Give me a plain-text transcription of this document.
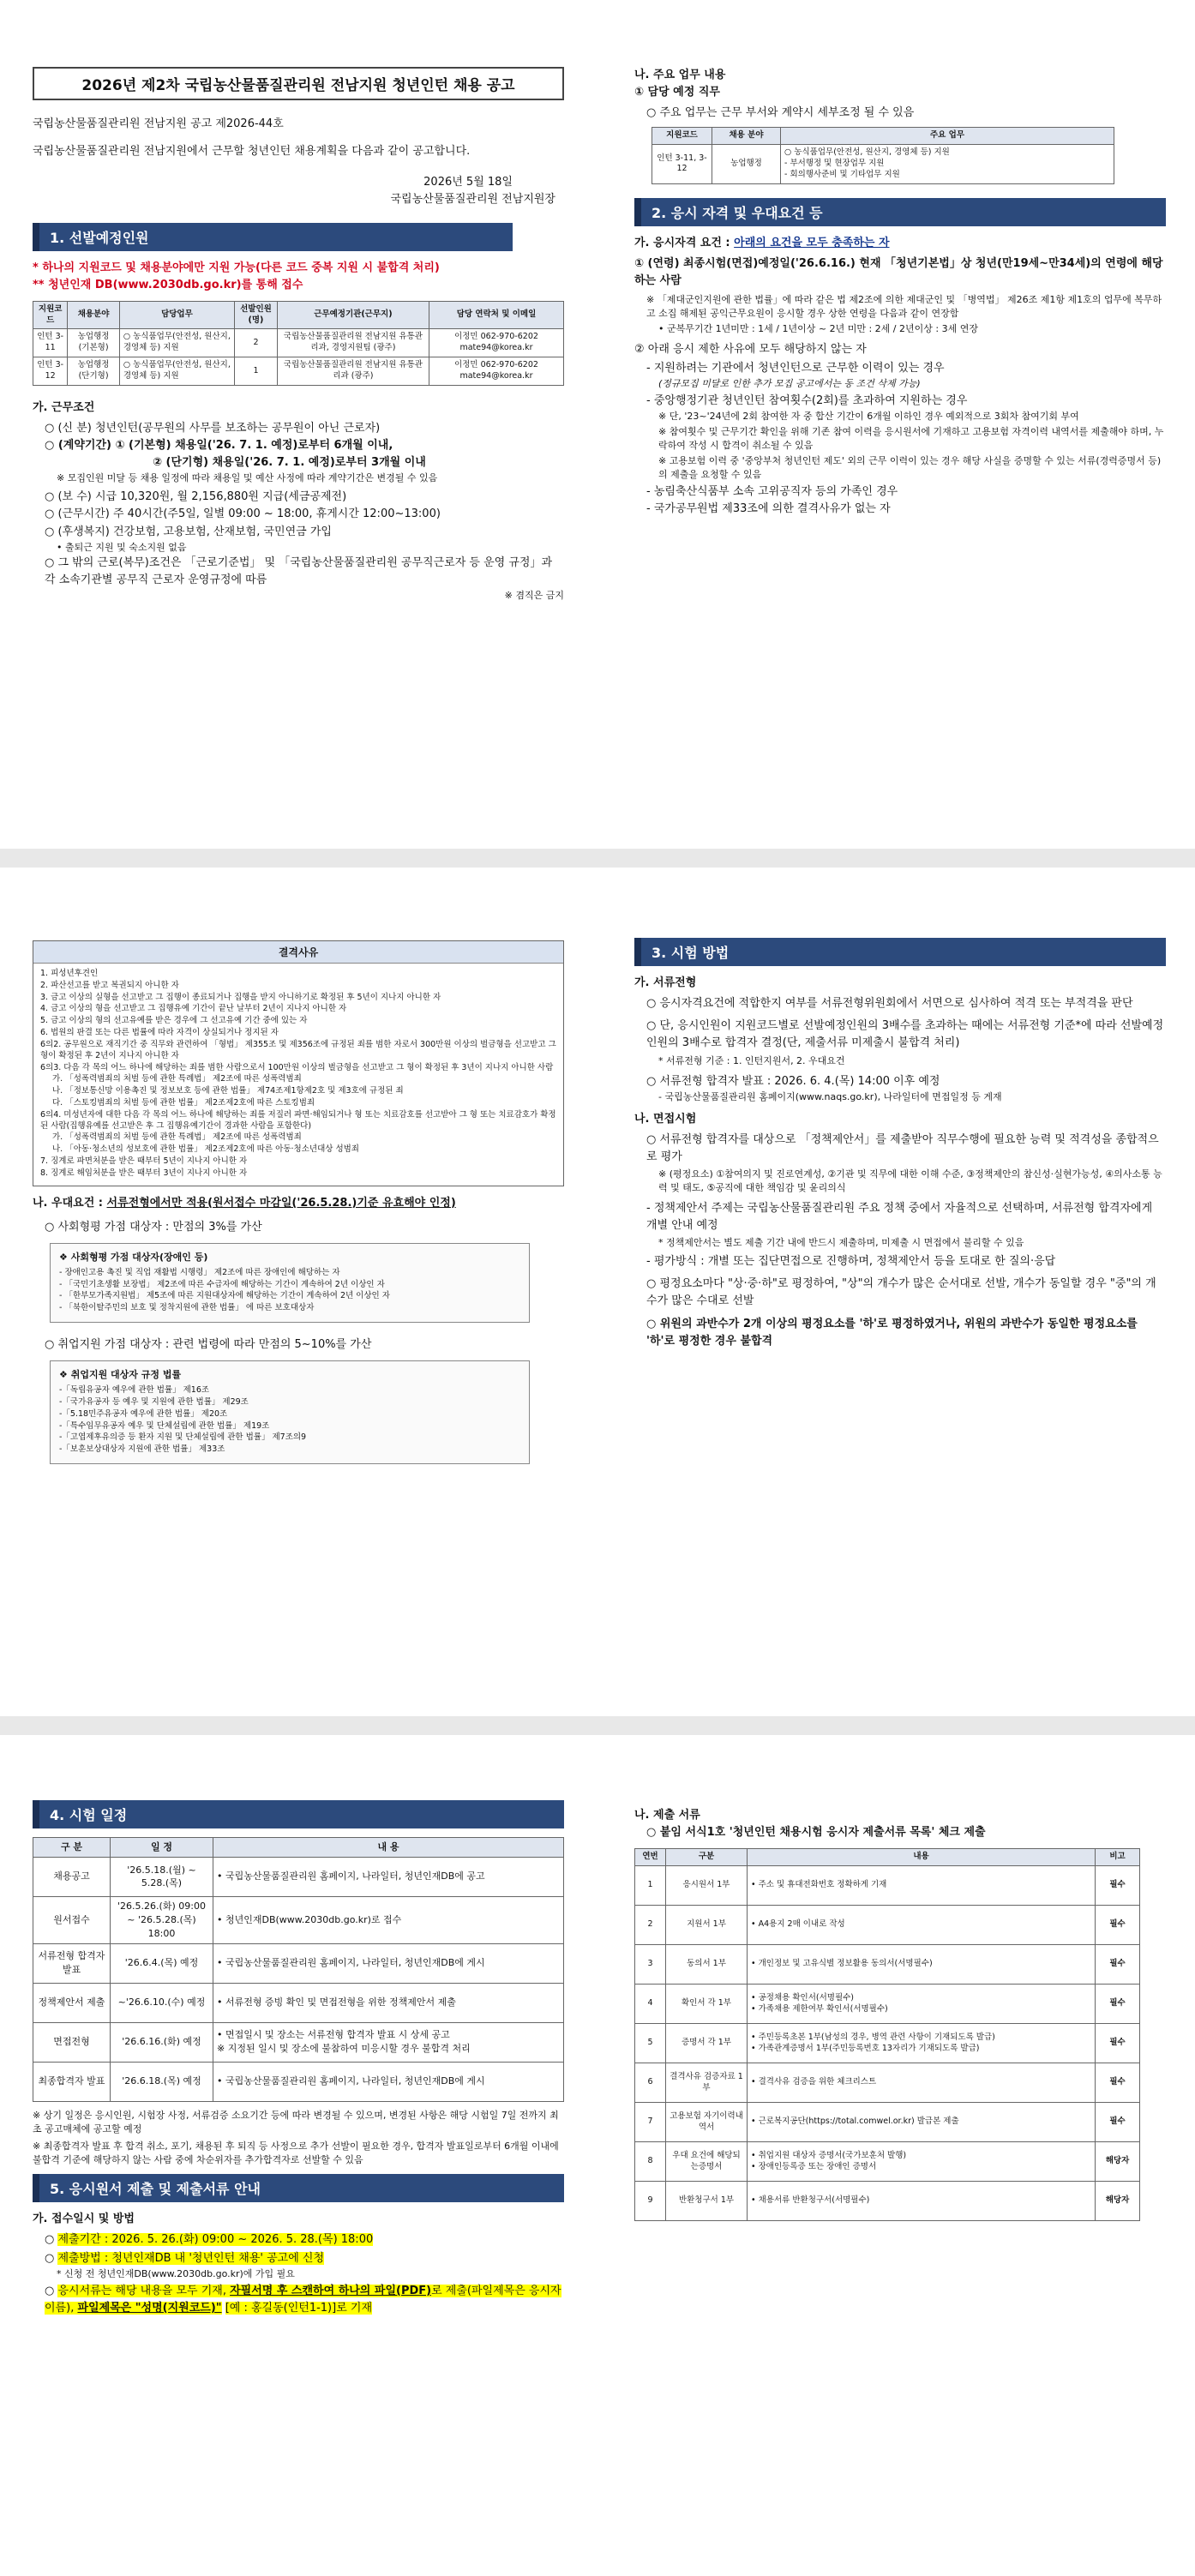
2026년 제2차 국립농산물품질관리원 전남지원 청년인턴 채용 공고
국립농산물품질관리원 전남지원 공고 제2026-44호
국립농산물품질관리원 전남지원에서 근무할 청년인턴 채용계획을 다음과 같이 공고합니다.
2026년 5월 18일
국립농산물품질관리원 전남지원장
1. 선발예정인원
* 하나의 지원코드 및 채용분야에만 지원 가능(다른 코드 중복 지원 시 불합격 처리)
** 청년인재 DB(www.2030db.go.kr)를 통해 접수
지원코드	채용분야	담당업무	선발인원(명)	근무예정기관(근무지)	담당 연락처 및 이메일
인턴 3-11	농업행정 (기본형)	○ 농식품업무(안전성, 원산지, 경영체 등) 지원	2	국립농산물품질관리원 전남지원 유통관리과, 경영지원팀 (광주)	이정민 062-970-6202 mate94@korea.kr
인턴 3-12	농업행정 (단기형)	○ 농식품업무(안전성, 원산지, 경영체 등) 지원	1	국립농산물품질관리원 전남지원 유통관리과 (광주)	이정민 062-970-6202 mate94@korea.kr
가. 근무조건
○ (신 분) 청년인턴(공무원의 사무를 보조하는 공무원이 아닌 근로자)
○ (계약기간) ① (기본형) 채용일('26. 7. 1. 예정)로부터 6개월 이내,
② (단기형) 채용일('26. 7. 1. 예정)로부터 3개월 이내
※ 모집인원 미달 등 채용 일정에 따라 채용일 및 예산 사정에 따라 계약기간은 변경될 수 있음
○ (보 수) 시급 10,320원, 월 2,156,880원 지급(세금공제전)
○ (근무시간) 주 40시간(주5일, 일별 09:00 ~ 18:00, 휴게시간 12:00~13:00)
○ (후생복지) 건강보험, 고용보험, 산재보험, 국민연금 가입
• 출퇴근 지원 및 숙소지원 없음
○ 그 밖의 근로(복무)조건은 「근로기준법」 및 「국립농산물품질관리원 공무직근로자 등 운영 규정」과 각 소속기관별 공무직 근로자 운영규정에 따름
※ 겸직은 금지
나. 주요 업무 내용
① 담당 예정 직무
○ 주요 업무는 근무 부서와 계약시 세부조정 될 수 있음
지원코드	채용 분야	주요 업무
인턴 3-11, 3-12	농업행정	○ 농식품업무(안전성, 원산지, 경영체 등) 지원
- 부서행정 및 현장업무 지원
- 회의행사준비 및 기타업무 지원
2. 응시 자격 및 우대요건 등
가. 응시자격 요건 : 아래의 요건을 모두 충족하는 자
① (연령) 최종시험(면접)예정일('26.6.16.) 현재 「청년기본법」상 청년(만19세~만34세)의 연령에 해당하는 사람
※ 「제대군인지원에 관한 법률」에 따라 같은 법 제2조에 의한 제대군인 및 「병역법」 제26조 제1항 제1호의 업무에 복무하고 소집 해제된 공익근무요원이 응시할 경우 상한 연령을 다음과 같이 연장함
• 군복무기간 1년미만 : 1세 / 1년이상 ~ 2년 미만 : 2세 / 2년이상 : 3세 연장
② 아래 응시 제한 사유에 모두 해당하지 않는 자
- 지원하려는 기관에서 청년인턴으로 근무한 이력이 있는 경우
(정규모집 미달로 인한 추가 모집 공고에서는 동 조건 삭제 가능)
- 중앙행정기관 청년인턴 참여횟수(2회)를 초과하여 지원하는 경우
※ 단, '23~'24년에 2회 참여한 자 중 합산 기간이 6개월 이하인 경우 예외적으로 3회차 참여기회 부여
※ 참여횟수 및 근무기간 확인을 위해 기존 참여 이력을 응시원서에 기재하고 고용보험 자격이력 내역서를 제출해야 하며, 누락하여 작성 시 합격이 취소될 수 있음
※ 고용보험 이력 중 '중앙부처 청년인턴 제도' 외의 근무 이력이 있는 경우 해당 사실을 증명할 수 있는 서류(경력증명서 등)의 제출을 요청할 수 있음
- 농림축산식품부 소속 고위공직자 등의 가족인 경우
- 국가공무원법 제33조에 의한 결격사유가 없는 자
결격사유
1. 피성년후견인
2. 파산선고를 받고 복권되지 아니한 자
3. 금고 이상의 실형을 선고받고 그 집행이 종료되거나 집행을 받지 아니하기로 확정된 후 5년이 지나지 아니한 자
4. 금고 이상의 형을 선고받고 그 집행유예 기간이 끝난 날부터 2년이 지나지 아니한 자
5. 금고 이상의 형의 선고유예를 받은 경우에 그 선고유예 기간 중에 있는 자
6. 법원의 판결 또는 다른 법률에 따라 자격이 상실되거나 정지된 자
6의2. 공무원으로 재직기간 중 직무와 관련하여 「형법」 제355조 및 제356조에 규정된 죄를 범한 자로서 300만원 이상의 벌금형을 선고받고 그 형이 확정된 후 2년이 지나지 아니한 자
6의3. 다음 각 목의 어느 하나에 해당하는 죄를 범한 사람으로서 100만원 이상의 벌금형을 선고받고 그 형이 확정된 후 3년이 지나지 아니한 사람
가. 「성폭력범죄의 처벌 등에 관한 특례법」 제2조에 따른 성폭력범죄
나. 「정보통신망 이용촉진 및 정보보호 등에 관한 법률」 제74조제1항제2호 및 제3호에 규정된 죄
다. 「스토킹범죄의 처벌 등에 관한 법률」 제2조제2호에 따른 스토킹범죄
6의4. 미성년자에 대한 다음 각 목의 어느 하나에 해당하는 죄를 저질러 파면·해임되거나 형 또는 치료감호를 선고받아 그 형 또는 치료감호가 확정된 사람(집행유예를 선고받은 후 그 집행유예기간이 경과한 사람을 포함한다)
가. 「성폭력범죄의 처벌 등에 관한 특례법」 제2조에 따른 성폭력범죄
나. 「아동·청소년의 성보호에 관한 법률」 제2조제2호에 따른 아동·청소년대상 성범죄
7. 징계로 파면처분을 받은 때부터 5년이 지나지 아니한 자
8. 징계로 해임처분을 받은 때부터 3년이 지나지 아니한 자
나. 우대요건 : 서류전형에서만 적용(원서접수 마감일('26.5.28.)기준 유효해야 인정)
○ 사회형평 가점 대상자 : 만점의 3%를 가산
❖ 사회형평 가점 대상자(장애인 등)
- 장애인고용 촉진 및 직업 재활법 시행령」 제2조에 따른 장애인에 해당하는 자
- 「국민기초생활 보장법」 제2조에 따른 수급자에 해당하는 기간이 계속하여 2년 이상인 자
- 「한부모가족지원법」 제5조에 따른 지원대상자에 해당하는 기간이 계속하여 2년 이상인 자
- 「북한이탈주민의 보호 및 정착지원에 관한 법률」 에 따른 보호대상자
○ 취업지원 가점 대상자 : 관련 법령에 따라 만점의 5~10%를 가산
❖ 취업지원 대상자 규정 법률
-「독립유공자 예우에 관한 법률」 제16조
-「국가유공자 등 예우 및 지원에 관한 법률」 제29조
-「5.18민주유공자 예우에 관한 법률」 제20조
-「특수임무유공자 예우 및 단체설립에 관한 법률」 제19조
-「고엽제후유의증 등 환자 지원 및 단체설립에 관한 법률」 제7조의9
-「보훈보상대상자 지원에 관한 법률」 제33조
3. 시험 방법
가. 서류전형
○ 응시자격요건에 적합한지 여부를 서류전형위원회에서 서면으로 심사하여 적격 또는 부적격을 판단
○ 단, 응시인원이 지원코드별로 선발예정인원의 3배수를 초과하는 때에는 서류전형 기준*에 따라 선발예정인원의 3배수로 합격자 결정(단, 제출서류 미제출시 불합격 처리)
* 서류전형 기준 : 1. 인턴지원서, 2. 우대요건
○ 서류전형 합격자 발표 : 2026. 6. 4.(목) 14:00 이후 예정
- 국립농산물품질관리원 홈페이지(www.naqs.go.kr), 나라일터에 면접일정 등 게재
나. 면접시험
○ 서류전형 합격자를 대상으로 「정책제안서」를 제출받아 직무수행에 필요한 능력 및 적격성을 종합적으로 평가
※ (평정요소) ①참여의지 및 진로연계성, ②기관 및 직무에 대한 이해 수준, ③정책제안의 참신성·실현가능성, ④의사소통 능력 및 태도, ⑤공직에 대한 책임감 및 윤리의식
- 정책제안서 주제는 국립농산물품질관리원 주요 정책 중에서 자율적으로 선택하며, 서류전형 합격자에게 개별 안내 예정
* 정책제안서는 별도 제출 기간 내에 반드시 제출하며, 미제출 시 면접에서 불리할 수 있음
- 평가방식 : 개별 또는 집단면접으로 진행하며, 정책제안서 등을 토대로 한 질의·응답
○ 평정요소마다 "상·중·하"로 평정하여, "상"의 개수가 많은 순서대로 선발, 개수가 동일할 경우 "중"의 개수가 많은 수대로 선발
○ 위원의 과반수가 2개 이상의 평정요소를 '하'로 평정하였거나, 위원의 과반수가 동일한 평정요소를 '하'로 평정한 경우 불합격
4. 시험 일정
구 분	일 정	내 용
채용공고	'26.5.18.(월) ~ 5.28.(목)	• 국립농산물품질관리원 홈페이지, 나라일터, 청년인재DB에 공고
원서접수	'26.5.26.(화) 09:00 ~ '26.5.28.(목) 18:00	• 청년인재DB(www.2030db.go.kr)로 접수
서류전형 합격자 발표	'26.6.4.(목) 예정	• 국립농산물품질관리원 홈페이지, 나라일터, 청년인재DB에 게시
정책제안서 제출	~'26.6.10.(수) 예정	• 서류전형 증빙 확인 및 면접전형을 위한 정책제안서 제출
면접전형	'26.6.16.(화) 예정	• 면접일시 및 장소는 서류전형 합격자 발표 시 상세 공고
※ 지정된 일시 및 장소에 불참하여 미응시할 경우 불합격 처리
최종합격자 발표	'26.6.18.(목) 예정	• 국립농산물품질관리원 홈페이지, 나라일터, 청년인재DB에 게시
※ 상기 일정은 응시인원, 시험장 사정, 서류검증 소요기간 등에 따라 변경될 수 있으며, 변경된 사항은 해당 시험일 7일 전까지 최초 공고매체에 공고할 예정
※ 최종합격자 발표 후 합격 취소, 포기, 채용된 후 퇴직 등 사정으로 추가 선발이 필요한 경우, 합격자 발표일로부터 6개월 이내에 불합격 기준에 해당하지 않는 사람 중에 차순위자를 추가합격자로 선발할 수 있음
5. 응시원서 제출 및 제출서류 안내
가. 접수일시 및 방법
○ 제출기간 : 2026. 5. 26.(화) 09:00 ~ 2026. 5. 28.(목) 18:00
○ 제출방법 : 청년인재DB 내 '청년인턴 채용' 공고에 신청
* 신청 전 청년인재DB(www.2030db.go.kr)에 가입 필요
○ 응시서류는 해당 내용을 모두 기재, 자필서명 후 스캔하여 하나의 파일(PDF)로 제출(파일제목은 응시자 이름), 파일제목은 "성명(지원코드)" [예 : 홍길동(인턴1-1)]로 기재
나. 제출 서류
○ 붙임 서식1호 '청년인턴 채용시험 응시자 제출서류 목록' 체크 제출
연번	구분	내용	비고
1	응시원서 1부	• 주소 및 휴대전화번호 정확하게 기재	필수
2	지원서 1부	• A4용지 2매 이내로 작성	필수
3	동의서 1부	• 개인정보 및 고유식별 정보활용 동의서(서명필수)	필수
4	확인서 각 1부	• 공정채용 확인서(서명필수)
• 가족채용 제한여부 확인서(서명필수)	필수
5	증명서 각 1부	• 주민등록초본 1부(남성의 경우, 병역 관련 사항이 기재되도록 발급)
• 가족관계증명서 1부(주민등록번호 13자리가 기재되도록 발급)	필수
6	결격사유 검증자료 1부	• 결격사유 검증을 위한 체크리스트	필수
7	고용보험 자기이력내역서	• 근로복지공단(https://total.comwel.or.kr) 발급본 제출	필수
8	우대 요건에 해당되는증명서	• 취업지원 대상자 증명서(국가보훈처 발행)
• 장애인등록증 또는 장애인 증명서	해당자
9	반환청구서 1부	• 채용서류 반환청구서(서명필수)	해당자
